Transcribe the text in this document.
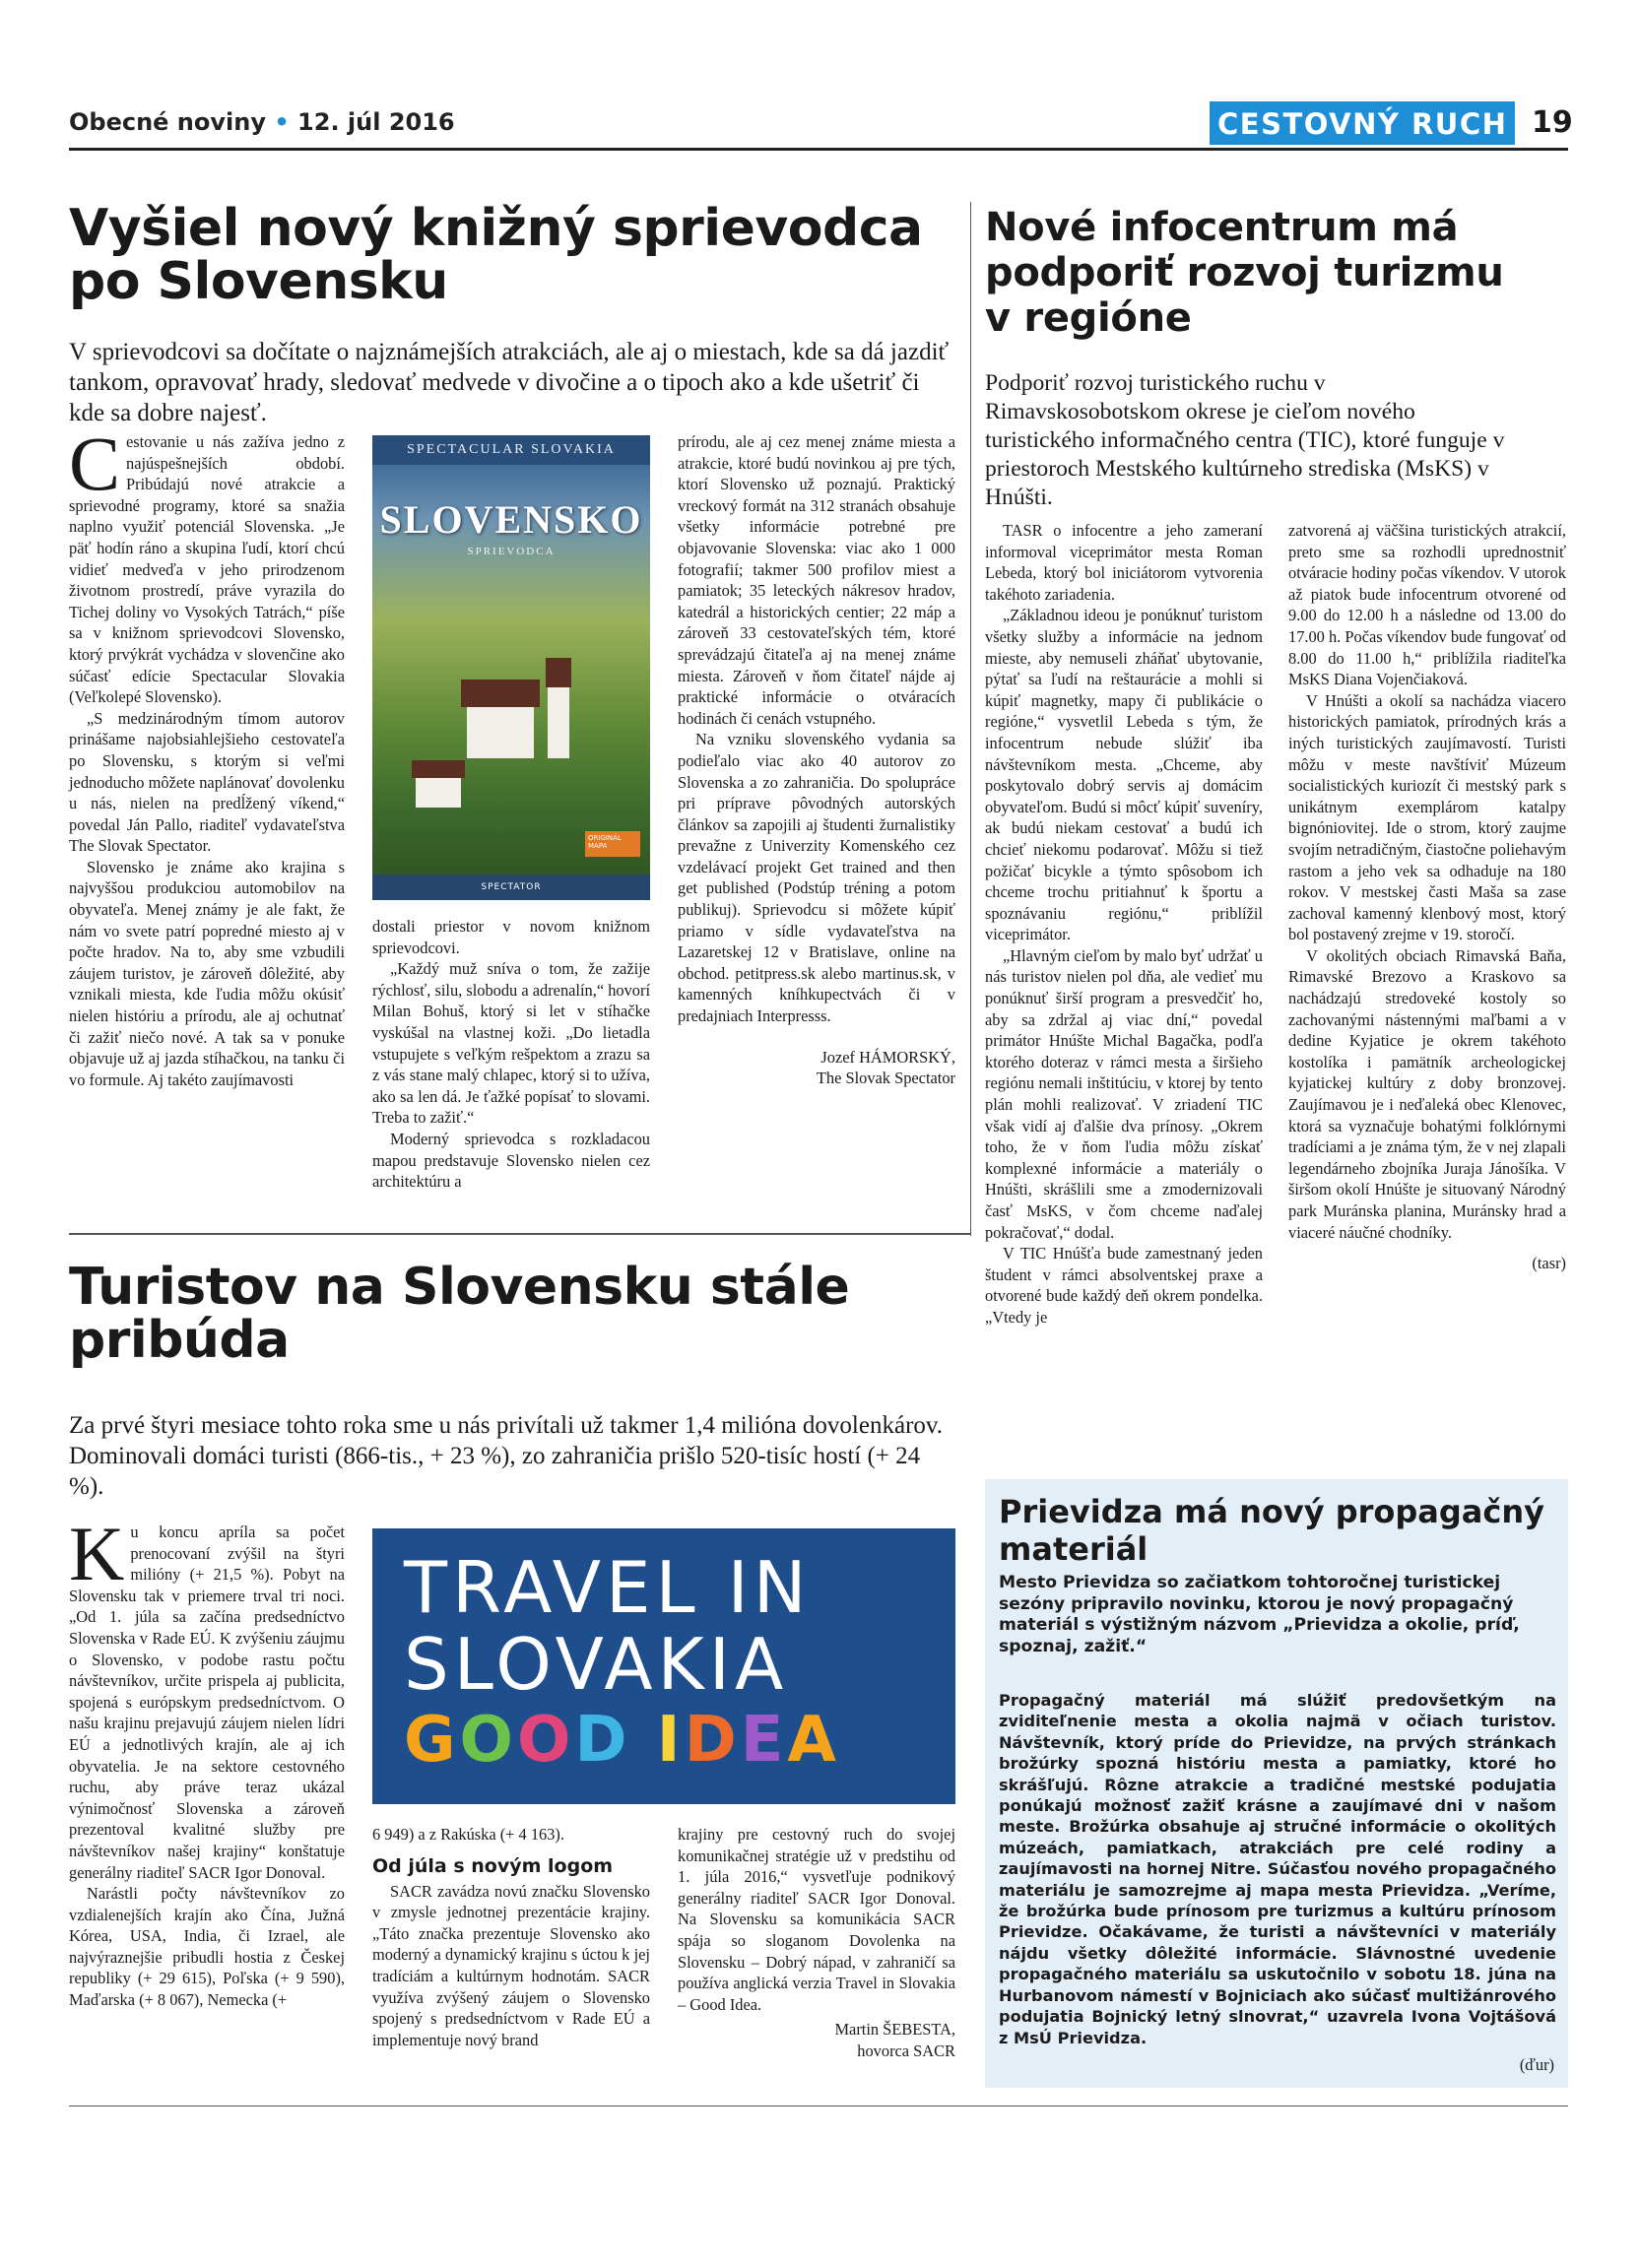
Obecné noviny • 12. júl 2016	CESTOVNÝ RUCH 19
Vyšiel nový knižný sprievodca
po Slovensku
V sprievodcovi sa dočítate o najznámejších atrakciách, ale aj o miestach, kde sa dá jazdiť tankom, opravovať hrady, sledovať medvede v divočine a o tipoch ako a kde ušetriť či kde sa dobre najesť.
C estovanie u nás zažíva jedno z najúspešnejších období. Pribúdajú nové atrakcie a sprievodné programy, ktoré sa snažia naplno využiť potenciál Slovenska. „Je päť hodín ráno a skupina ľudí, ktorí chcú vidieť medveďa v jeho prirodzenom životnom prostredí, práve vyrazila do Tichej doliny vo Vysokých Tatrách,“ píše sa v knižnom sprievodcovi Slovensko, ktorý prvýkrát vychádza v slovenčine ako súčasť edície Spectacular Slovakia (Veľkolepé Slovensko).

„S medzinárodným tímom autorov prinášame najobsiahlejšieho cestovateľa po Slovensku, s ktorým si veľmi jednoducho môžete naplánovať dovolenku u nás, nielen na predĺžený víkend,“ povedal Ján Pallo, riaditeľ vydavateľstva The Slovak Spectator.

Slovensko je známe ako krajina s najvyššou produkciou automobilov na obyvateľa. Menej známy je ale fakt, že nám vo svete patrí popredné miesto aj v počte hradov. Na to, aby sme vzbudili záujem turistov, je zároveň dôležité, aby vznikali miesta, kde ľudia môžu okúsiť nielen históriu a prírodu, ale aj ochutnať či zažiť niečo nové. A tak sa v ponuke objavuje už aj jazda stíhačkou, na tanku či vo formule. Aj takéto zaujímavosti

SPECTACULAR SLOVAKIA
SLOVENSKO
SPRIEVODCA
ORIGINÁL MAPA
SPECTATOR

dostali priestor v novom knižnom sprievodcovi.

„Každý muž sníva o tom, že zažije rýchlosť, silu, slobodu a adrenalín,“ hovorí Milan Bohuš, ktorý si let v stíhačke vyskúšal na vlastnej koži. „Do lietadla vstupujete s veľkým rešpektom a zrazu sa z vás stane malý chlapec, ktorý si to užíva, ako sa len dá. Je ťažké popísať to slovami. Treba to zažiť.“

Moderný sprievodca s rozkladacou mapou predstavuje Slovensko nielen cez architektúru a

prírodu, ale aj cez menej známe miesta a atrakcie, ktoré budú novinkou aj pre tých, ktorí Slovensko už poznajú. Praktický vreckový formát na 312 stranách obsahuje všetky informácie potrebné pre objavovanie Slovenska: viac ako 1 000 fotografií; takmer 500 profilov miest a pamiatok; 35 leteckých nákresov hradov, katedrál a historických centier; 22 máp a zároveň 33 cestovateľských tém, ktoré sprevádzajú čitateľa aj na menej známe miesta. Zároveň v ňom čitateľ nájde aj praktické informácie o otváracích hodinách či cenách vstupného.

Na vzniku slovenského vydania sa podieľalo viac ako 40 autorov zo Slovenska a zo zahraničia. Do spolupráce pri príprave pôvodných autorských článkov sa zapojili aj študenti žurnalistiky prevažne z Univerzity Komenského cez vzdelávací projekt Get trained and then get published (Podstúp tréning a potom publikuj). Sprievodcu si môžete kúpiť priamo v sídle vydavateľstva na Lazaretskej 12 v Bratislave, online na obchod. petitpress.sk alebo martinus.sk, v kamenných kníhkupectvách či v predajniach Interpresss.

Jozef HÁMORSKÝ,
The Slovak Spectator
Nové infocentrum má
podporiť rozvoj turizmu
v regióne
Podporiť rozvoj turistického ruchu v Rimavskosobotskom okrese je cieľom nového turistického informačného centra (TIC), ktoré funguje v priestoroch Mestského kultúrneho strediska (MsKS) v Hnúšti.

TASR o infocentre a jeho zameraní informoval viceprimátor mesta Roman Lebeda, ktorý bol iniciátorom vytvorenia takéhoto zariadenia.

„Základnou ideou je ponúknuť turistom všetky služby a informácie na jednom mieste, aby nemuseli zháňať ubytovanie, pýtať sa ľudí na reštaurácie a mohli si kúpiť magnetky, mapy či publikácie o regióne,“ vysvetlil Lebeda s tým, že infocentrum nebude slúžiť iba návštevníkom mesta. „Chceme, aby poskytovalo dobrý servis aj domácim obyvateľom. Budú si môcť kúpiť suveníry, ak budú niekam cestovať a budú ich chcieť niekomu podarovať. Môžu si tiež požičať bicykle a týmto spôsobom ich chceme trochu pritiahnuť k športu a spoznávaniu regiónu,“ priblížil viceprimátor.

„Hlavným cieľom by malo byť udržať u nás turistov nielen pol dňa, ale vedieť mu ponúknuť širší program a presvedčiť ho, aby sa zdržal aj viac dní,“ povedal primátor Hnúšte Michal Bagačka, podľa ktorého doteraz v rámci mesta a širšieho regiónu nemali inštitúciu, v ktorej by tento plán mohli realizovať. V zriadení TIC však vidí aj ďalšie dva prínosy. „Okrem toho, že v ňom ľudia môžu získať komplexné informácie a materiály o Hnúšti, skrášlili sme a zmodernizovali časť MsKS, v čom chceme naďalej pokračovať,“ dodal.

V TIC Hnúšťa bude zamestnaný jeden študent v rámci absolventskej praxe a otvorené bude každý deň okrem pondelka. „Vtedy je

zatvorená aj väčšina turistických atrakcií, preto sme sa rozhodli uprednostniť otváracie hodiny počas víkendov. V utorok až piatok bude infocentrum otvorené od 9.00 do 12.00 h a následne od 13.00 do 17.00 h. Počas víkendov bude fungovať od 8.00 do 11.00 h,“ priblížila riaditeľka MsKS Diana Vojenčiaková.

V Hnúšti a okolí sa nachádza viacero historických pamiatok, prírodných krás a iných turistických zaujímavostí. Turisti môžu v meste navštíviť Múzeum socialistických kuriozít či mestský park s unikátnym exemplárom katalpy bignóniovitej. Ide o strom, ktorý zaujme svojím netradičným, čiastočne poliehavým rastom a jeho vek sa odhaduje na 180 rokov. V mestskej časti Maša sa zase zachoval kamenný klenbový most, ktorý bol postavený zrejme v 19. storočí.

V okolitých obciach Rimavská Baňa, Rimavské Brezovo a Kraskovo sa nachádzajú stredoveké kostoly so zachovanými nástennými maľbami a v dedine Kyjatice je okrem takéhoto kostolíka i pamätník archeologickej kyjatickej kultúry z doby bronzovej. Zaujímavou je i neďaleká obec Klenovec, ktorá sa vyznačuje bohatými folklórnymi tradíciami a je známa tým, že v nej zlapali legendárneho zbojníka Juraja Jánošíka. V širšom okolí Hnúšte je situovaný Národný park Muránska planina, Muránsky hrad a viaceré náučné chodníky.

(tasr)
Turistov na Slovensku stále
pribúda
Za prvé štyri mesiace tohto roka sme u nás privítali už takmer 1,4 milióna dovolenkárov. Dominovali domáci turisti (866-tis., + 23 %), zo zahraničia prišlo 520-tisíc hostí (+ 24 %).
K u koncu apríla sa počet prenocovaní zvýšil na štyri milióny (+ 21,5 %). Pobyt na Slovensku tak v priemere trval tri noci. „Od 1. júla sa začína predsedníctvo Slovenska v Rade EÚ. K zvýšeniu záujmu o Slovensko, v podobe rastu počtu návštevníkov, určite prispela aj publicita, spojená s európskym predsedníctvom. O našu krajinu prejavujú záujem nielen lídri EÚ a jednotlivých krajín, ale aj ich obyvatelia. Je na sektore cestovného ruchu, aby práve teraz ukázal výnimočnosť Slovenska a zároveň prezentoval kvalitné služby pre návštevníkov našej krajiny“ konštatuje generálny riaditeľ SACR Igor Donoval.

Narástli počty návštevníkov zo vzdialenejších krajín ako Čína, Južná Kórea, USA, India, či Izrael, ale najvýraznejšie pribudli hostia z Českej republiky (+ 29 615), Poľska (+ 9 590), Maďarska (+ 8 067), Nemecka (+

TRAVEL IN
SLOVAKIA
GOOD IDEA

6 949) a z Rakúska (+ 4 163).

Od júla s novým logom

SACR zavádza novú značku Slovensko v zmysle jednotnej prezentácie krajiny. „Táto značka prezentuje Slovensko ako moderný a dynamický krajinu s úctou k jej tradíciám a kultúrnym hodnotám. SACR využíva zvýšený záujem o Slovensko spojený s predsedníctvom v Rade EÚ a implementuje nový brand

krajiny pre cestovný ruch do svojej komunikačnej stratégie už v predstihu od 1. júla 2016,“ vysvetľuje podnikový generálny riaditeľ SACR Igor Donoval. Na Slovensku sa komunikácia SACR spája so sloganom Dovolenka na Slovensku – Dobrý nápad, v zahraničí sa používa anglická verzia Travel in Slovakia – Good Idea.

Martin ŠEBESTA,
hovorca SACR
Prievidza má nový propagačný
materiál
Mesto Prievidza so začiatkom tohtoročnej turistickej sezóny pripravilo novinku, ktorou je nový propagačný materiál s výstižným názvom „Prievidza a okolie, príď, spoznaj, zažiť.“
Propagačný materiál má slúžiť predovšetkým na zviditeľnenie mesta a okolia najmä v očiach turistov. Návštevník, ktorý príde do Prievidze, na prvých stránkach brožúrky spozná históriu mesta a pamiatky, ktoré ho skrášľujú. Rôzne atrakcie a tradičné mestské podujatia ponúkajú možnosť zažiť krásne a zaujímavé dni v našom meste. Brožúrka obsahuje aj stručné informácie o okolitých múzeách, pamiatkach, atrakciách pre celé rodiny a zaujímavosti na hornej Nitre. Súčasťou nového propagačného materiálu je samozrejme aj mapa mesta Prievidza. „Veríme, že brožúrka bude prínosom pre turizmus a kultúru prínosom Prievidze. Očakávame, že turisti a návštevníci v materiály nájdu všetky dôležité informácie. Slávnostné uvedenie propagačného materiálu sa uskutočnilo v sobotu 18. júna na Hurbanovom námestí v Bojniciach ako súčasť multižánrového podujatia Bojnický letný slnovrat,“ uzavrela Ivona Vojtášová z MsÚ Prievidza.
(ďur)
